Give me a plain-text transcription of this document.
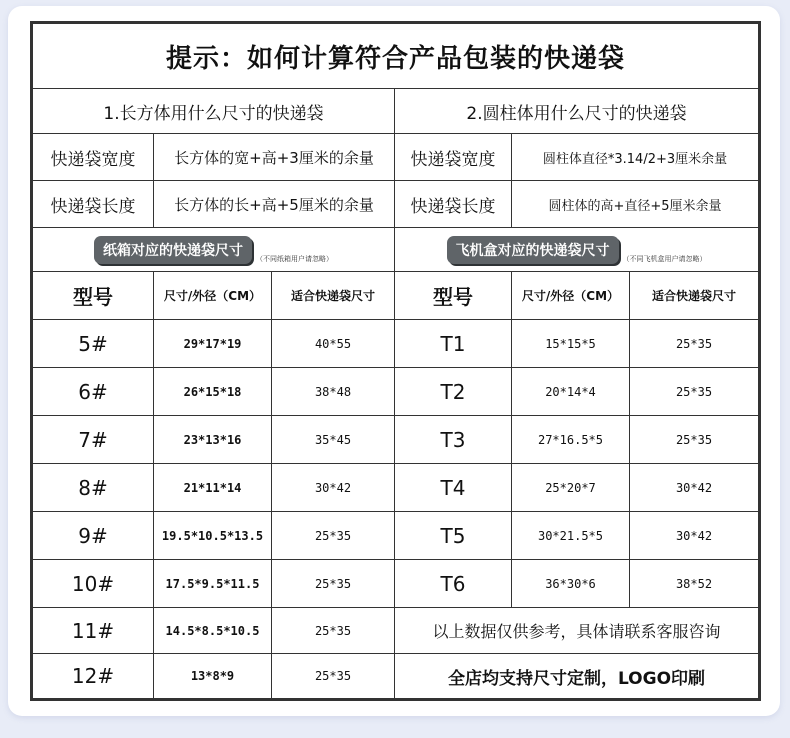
提示：如何计算符合产品包装的快递袋					
1.长方体用什么尺寸的快递袋			2.圆柱体用什么尺寸的快递袋		
快递袋宽度	长方体的宽+高+3厘米的余量		快递袋宽度	圆柱体直径*3.14/2+3厘米余量	
快递袋长度	长方体的长+高+5厘米的余量		快递袋长度	圆柱体的高+直径+5厘米余量	
纸箱对应的快递袋尺寸 （不同纸箱用户请忽略）			飞机盒对应的快递袋尺寸 （不同飞机盒用户请忽略）		
型号	尺寸/外径（CM）	适合快递袋尺寸	型号	尺寸/外径（CM）	适合快递袋尺寸
5#	29*17*19	40*55	T1	15*15*5	25*35
6#	26*15*18	38*48	T2	20*14*4	25*35
7#	23*13*16	35*45	T3	27*16.5*5	25*35
8#	21*11*14	30*42	T4	25*20*7	30*42
9#	19.5*10.5*13.5	25*35	T5	30*21.5*5	30*42
10#	17.5*9.5*11.5	25*35	T6	36*30*6	38*52
11#	14.5*8.5*10.5	25*35	以上数据仅供参考，具体请联系客服咨询		
12#	13*8*9	25*35	全店均支持尺寸定制，LOGO印刷		
